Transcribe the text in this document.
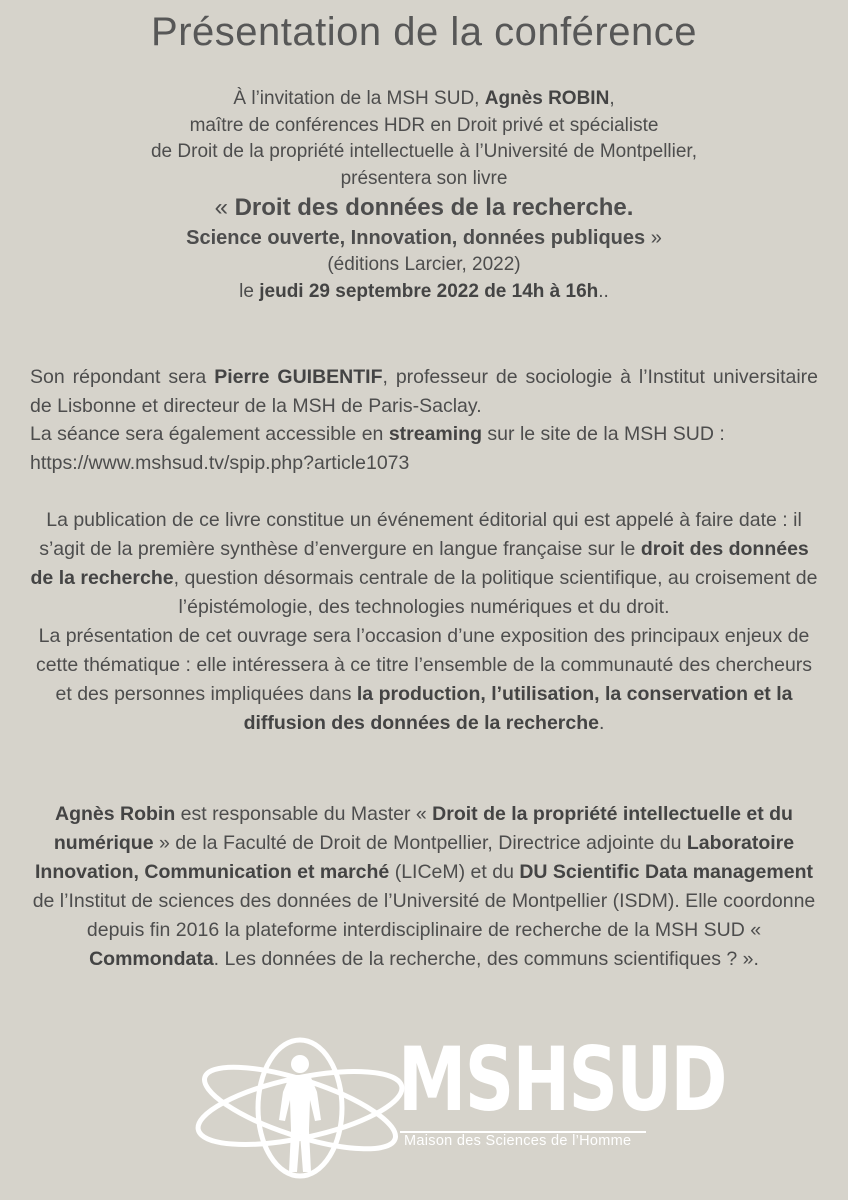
Présentation de la conférence
À l’invitation de la MSH SUD, Agnès ROBIN,
maître de conférences HDR en Droit privé et spécialiste
de Droit de la propriété intellectuelle à l’Université de Montpellier,
présentera son livre
« Droit des données de la recherche.
Science ouverte, Innovation, données publiques »
(éditions Larcier, 2022)
le jeudi 29 septembre 2022 de 14h à 16h..
Son répondant sera Pierre GUIBENTIF, professeur de sociologie à l’Institut universitaire de Lisbonne et directeur de la MSH de Paris-Saclay.
La séance sera également accessible en streaming sur le site de la MSH SUD :
https://www.mshsud.tv/spip.php?article1073
La publication de ce livre constitue un événement éditorial qui est appelé à faire date : il s’agit de la première synthèse d’envergure en langue française sur le droit des données de la recherche, question désormais centrale de la politique scientifique, au croisement de l’épistémologie, des technologies numériques et du droit.
La présentation de cet ouvrage sera l’occasion d’une exposition des principaux enjeux de cette thématique : elle intéressera à ce titre l’ensemble de la communauté des chercheurs et des personnes impliquées dans la production, l’utilisation, la conservation et la diffusion des données de la recherche.
Agnès Robin est responsable du Master « Droit de la propriété intellectuelle et du numérique » de la Faculté de Droit de Montpellier, Directrice adjointe du Laboratoire Innovation, Communication et marché (LICeM) et du DU Scientific Data management de l’Institut de sciences des données de l’Université de Montpellier (ISDM). Elle coordonne depuis fin 2016 la plateforme interdisciplinaire de recherche de la MSH SUD « Commondata. Les données de la recherche, des communs scientifiques ? ».
MSHSUD
Maison des Sciences de l’Homme
